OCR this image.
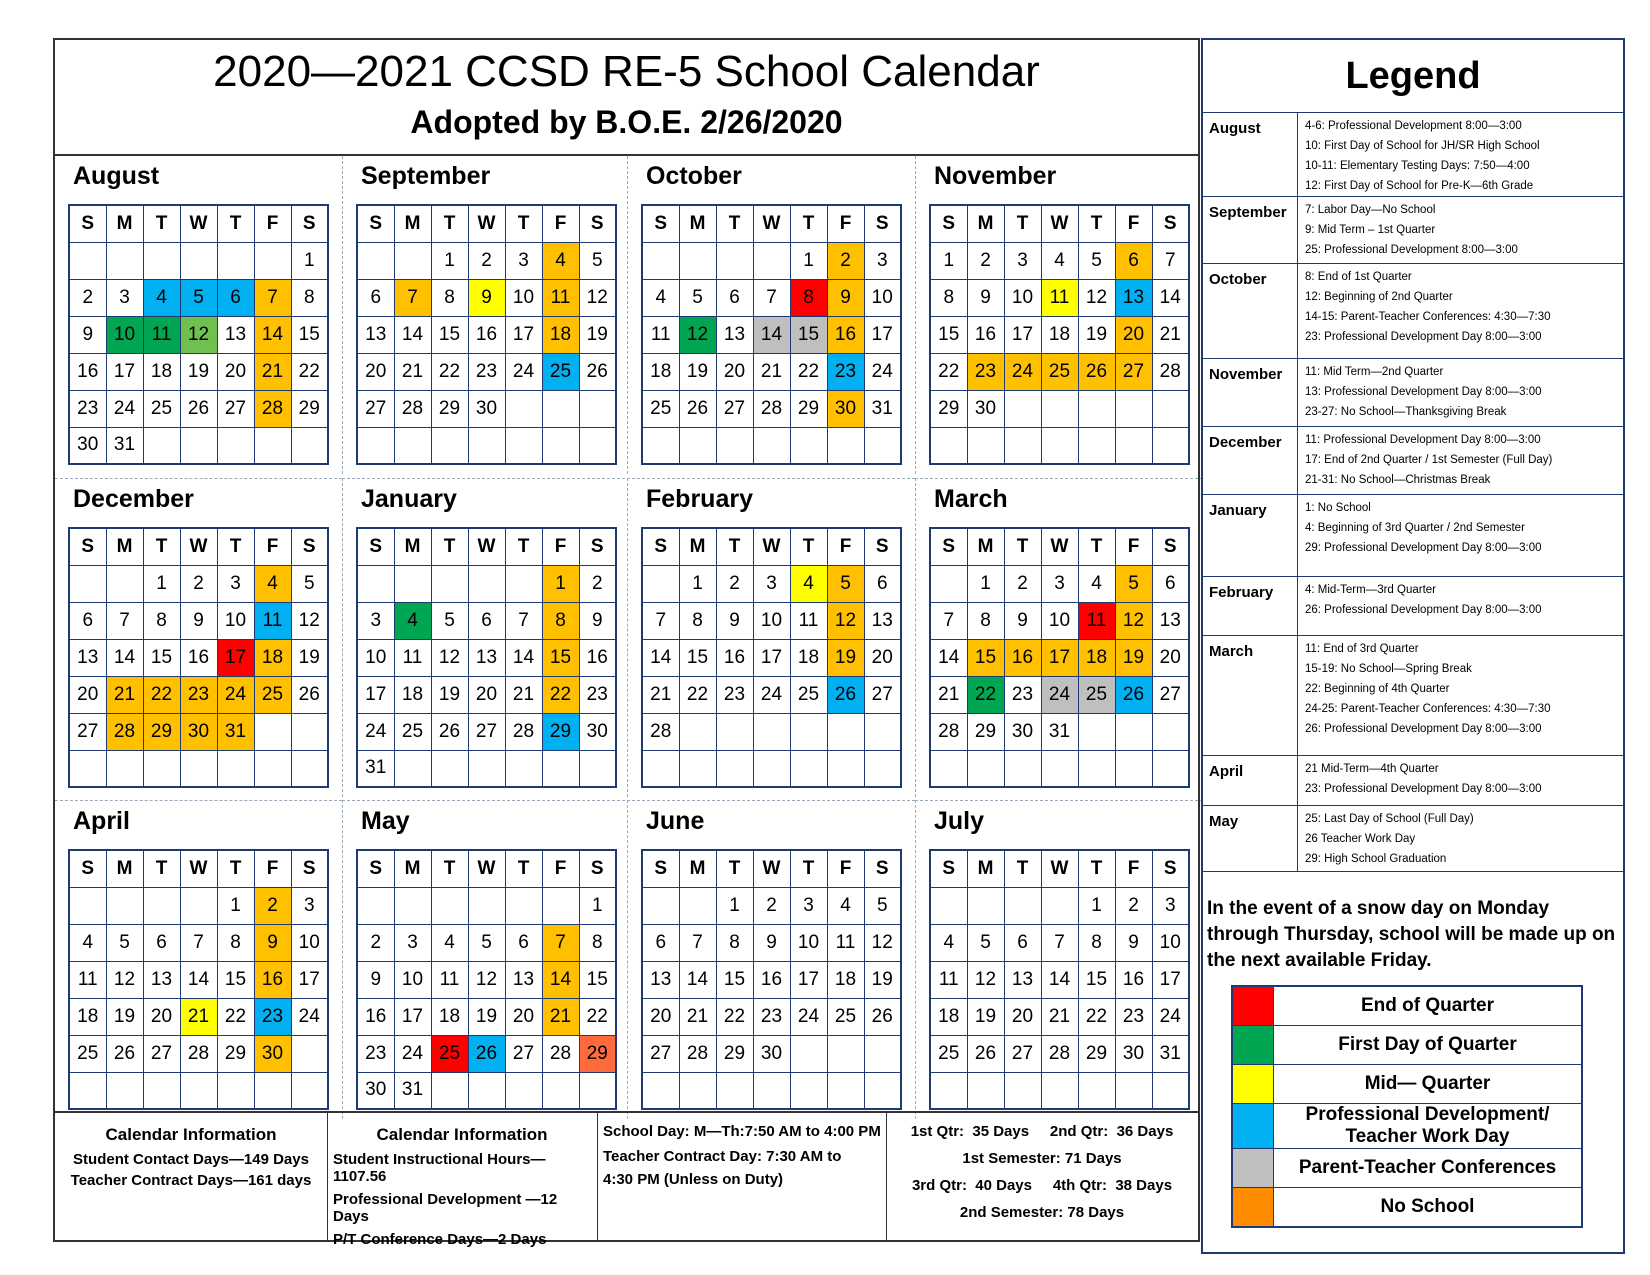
2020—2021 CCSD RE-5 School Calendar
Adopted by B.O.E. 2/26/2020
August
S	M	T	W	T	F	S
						1
2	3	4	5	6	7	8
9	10	11	12	13	14	15
16	17	18	19	20	21	22
23	24	25	26	27	28	29
30	31					
September
S	M	T	W	T	F	S
		1	2	3	4	5
6	7	8	9	10	11	12
13	14	15	16	17	18	19
20	21	22	23	24	25	26
27	28	29	30			

October
S	M	T	W	T	F	S
				1	2	3
4	5	6	7	8	9	10
11	12	13	14	15	16	17
18	19	20	21	22	23	24
25	26	27	28	29	30	31

November
S	M	T	W	T	F	S
1	2	3	4	5	6	7
8	9	10	11	12	13	14
15	16	17	18	19	20	21
22	23	24	25	26	27	28
29	30					

December
S	M	T	W	T	F	S
		1	2	3	4	5
6	7	8	9	10	11	12
13	14	15	16	17	18	19
20	21	22	23	24	25	26
27	28	29	30	31		

January
S	M	T	W	T	F	S
					1	2
3	4	5	6	7	8	9
10	11	12	13	14	15	16
17	18	19	20	21	22	23
24	25	26	27	28	29	30
31						
February
S	M	T	W	T	F	S
	1	2	3	4	5	6
7	8	9	10	11	12	13
14	15	16	17	18	19	20
21	22	23	24	25	26	27
28						

March
S	M	T	W	T	F	S
	1	2	3	4	5	6
7	8	9	10	11	12	13
14	15	16	17	18	19	20
21	22	23	24	25	26	27
28	29	30	31			

April
S	M	T	W	T	F	S
				1	2	3
4	5	6	7	8	9	10
11	12	13	14	15	16	17
18	19	20	21	22	23	24
25	26	27	28	29	30	

May
S	M	T	W	T	F	S
						1
2	3	4	5	6	7	8
9	10	11	12	13	14	15
16	17	18	19	20	21	22
23	24	25	26	27	28	29
30	31					
June
S	M	T	W	T	F	S
		1	2	3	4	5
6	7	8	9	10	11	12
13	14	15	16	17	18	19
20	21	22	23	24	25	26
27	28	29	30			

July
S	M	T	W	T	F	S
				1	2	3
4	5	6	7	8	9	10
11	12	13	14	15	16	17
18	19	20	21	22	23	24
25	26	27	28	29	30	31

Calendar Information
Student Contact Days—149 Days
Teacher Contract Days—161 days
Calendar Information
Student Instructional Hours—1107.56
Professional Development —12 Days
P/T Conference Days—2 Days
School Day: M—Th:7:50 AM to 4:00 PM
Teacher Contract Day: 7:30 AM to
4:30 PM (Unless on Duty)
1st Qtr:  35 Days     2nd Qtr:  36 Days
1st Semester: 71 Days
3rd Qtr:  40 Days     4th Qtr:  38 Days
2nd Semester: 78 Days
Legend
August	4-6: Professional Development 8:00—3:00
10: First Day of School for JH/SR High School
10-11: Elementary Testing Days: 7:50—4:00
12: First Day of School for Pre-K—6th Grade
September 7: Labor Day—No School
9: Mid Term – 1st Quarter
25: Professional Development 8:00—3:00
October	8: End of 1st Quarter
12: Beginning of 2nd Quarter
14-15: Parent-Teacher Conferences: 4:30—7:30
23: Professional Development Day 8:00—3:00
November 11: Mid Term—2nd Quarter
13: Professional Development Day 8:00—3:00
23-27: No School—Thanksgiving Break
December 11: Professional Development Day 8:00—3:00
17: End of 2nd Quarter / 1st Semester (Full Day)
21-31: No School—Christmas Break
January	1: No School
4: Beginning of 3rd Quarter / 2nd Semester
29: Professional Development Day 8:00—3:00
February	4: Mid-Term—3rd Quarter
26: Professional Development Day 8:00—3:00
March	11: End of 3rd Quarter
15-19: No School—Spring Break
22: Beginning of 4th Quarter
24-25: Parent-Teacher Conferences: 4:30—7:30
26: Professional Development Day 8:00—3:00
April	21 Mid-Term—4th Quarter
23: Professional Development Day 8:00—3:00
May	25: Last Day of School (Full Day)
26 Teacher Work Day
29: High School Graduation
In the event of a snow day on Monday through Thursday, school will be made up on the next available Friday.
	End of Quarter
	First Day of Quarter
	Mid— Quarter
	Professional Development/ Teacher Work Day
	Parent-Teacher Conferences
	No School
